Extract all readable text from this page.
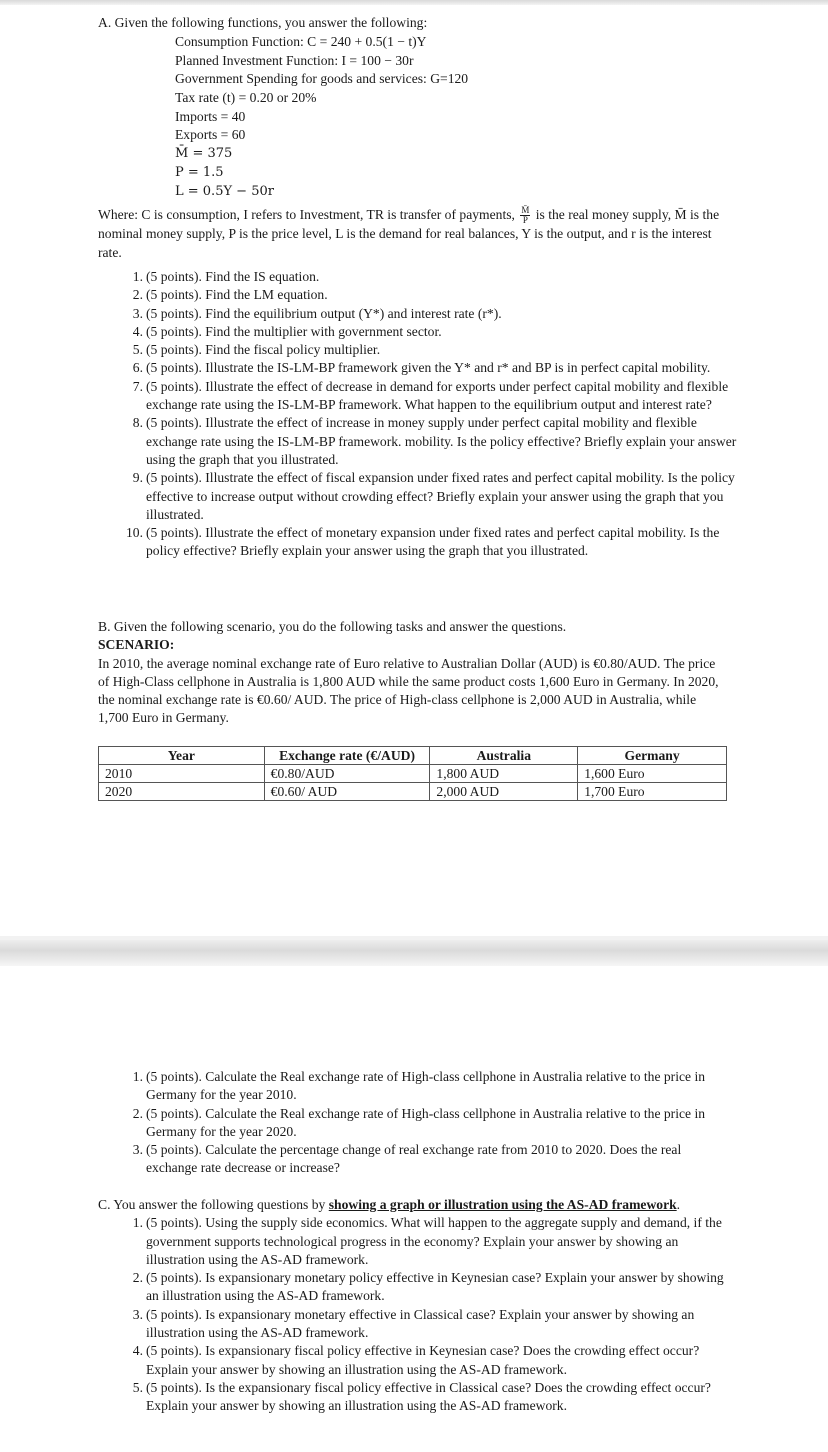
A. Given the following functions, you answer the following:

Consumption Function: C = 240 + 0.5(1 − t)Y
Planned Investment Function: I = 100 − 30r
Government Spending for goods and services: G=120
Tax rate (t) = 0.20 or 20%
Imports = 40
Exports = 60
M̄ = 375
P = 1.5
L = 0.5Y − 50r
Where: C is consumption, I refers to Investment, TR is transfer of payments, $\frac{M̄}{P}$ is the real money supply, M̄ is the nominal money supply, P is the price level, L is the demand for real balances, Y is the output, and r is the interest rate.
1. (5 points). Find the IS equation.
2. (5 points). Find the LM equation.
3. (5 points). Find the equilibrium output (Y*) and interest rate (r*).
4. (5 points). Find the multiplier with government sector.
5. (5 points). Find the fiscal policy multiplier.
6. (5 points). Illustrate the IS-LM-BP framework given the Y* and r* and BP is in perfect capital mobility.
7. (5 points). Illustrate the effect of decrease in demand for exports under perfect capital mobility and flexible exchange rate using the IS-LM-BP framework. What happen to the equilibrium output and interest rate?
8. (5 points). Illustrate the effect of increase in money supply under perfect capital mobility and flexible exchange rate using the IS-LM-BP framework. mobility. Is the policy effective? Briefly explain your answer using the graph that you illustrated.
9. (5 points). Illustrate the effect of fiscal expansion under fixed rates and perfect capital mobility. Is the policy effective to increase output without crowding effect? Briefly explain your answer using the graph that you illustrated.
10. (5 points). Illustrate the effect of monetary expansion under fixed rates and perfect capital mobility. Is the policy effective? Briefly explain your answer using the graph that you illustrated.
B. Given the following scenario, you do the following tasks and answer the questions.
SCENARIO:
In 2010, the average nominal exchange rate of Euro relative to Australian Dollar (AUD) is €0.80/AUD. The price of High-Class cellphone in Australia is 1,800 AUD while the same product costs 1,600 Euro in Germany. In 2020, the nominal exchange rate is €0.60/ AUD. The price of High-class cellphone is 2,000 AUD in Australia, while 1,700 Euro in Germany.
Year	Exchange rate (€/AUD)	Australia	Germany
2010	€0.80/AUD	1,800 AUD	1,600 Euro
2020	€0.60/ AUD	2,000 AUD	1,700 Euro
1. (5 points). Calculate the Real exchange rate of High-class cellphone in Australia relative to the price in Germany for the year 2010.
2. (5 points). Calculate the Real exchange rate of High-class cellphone in Australia relative to the price in Germany for the year 2020.
3. (5 points). Calculate the percentage change of real exchange rate from 2010 to 2020. Does the real exchange rate decrease or increase?
C. You answer the following questions by showing a graph or illustration using the AS-AD framework.
1. (5 points). Using the supply side economics. What will happen to the aggregate supply and demand, if the government supports technological progress in the economy? Explain your answer by showing an illustration using the AS-AD framework.
2. (5 points). Is expansionary monetary policy effective in Keynesian case? Explain your answer by showing an illustration using the AS-AD framework.
3. (5 points). Is expansionary monetary effective in Classical case? Explain your answer by showing an illustration using the AS-AD framework.
4. (5 points). Is expansionary fiscal policy effective in Keynesian case? Does the crowding effect occur? Explain your answer by showing an illustration using the AS-AD framework.
5. (5 points). Is the expansionary fiscal policy effective in Classical case? Does the crowding effect occur? Explain your answer by showing an illustration using the AS-AD framework.
